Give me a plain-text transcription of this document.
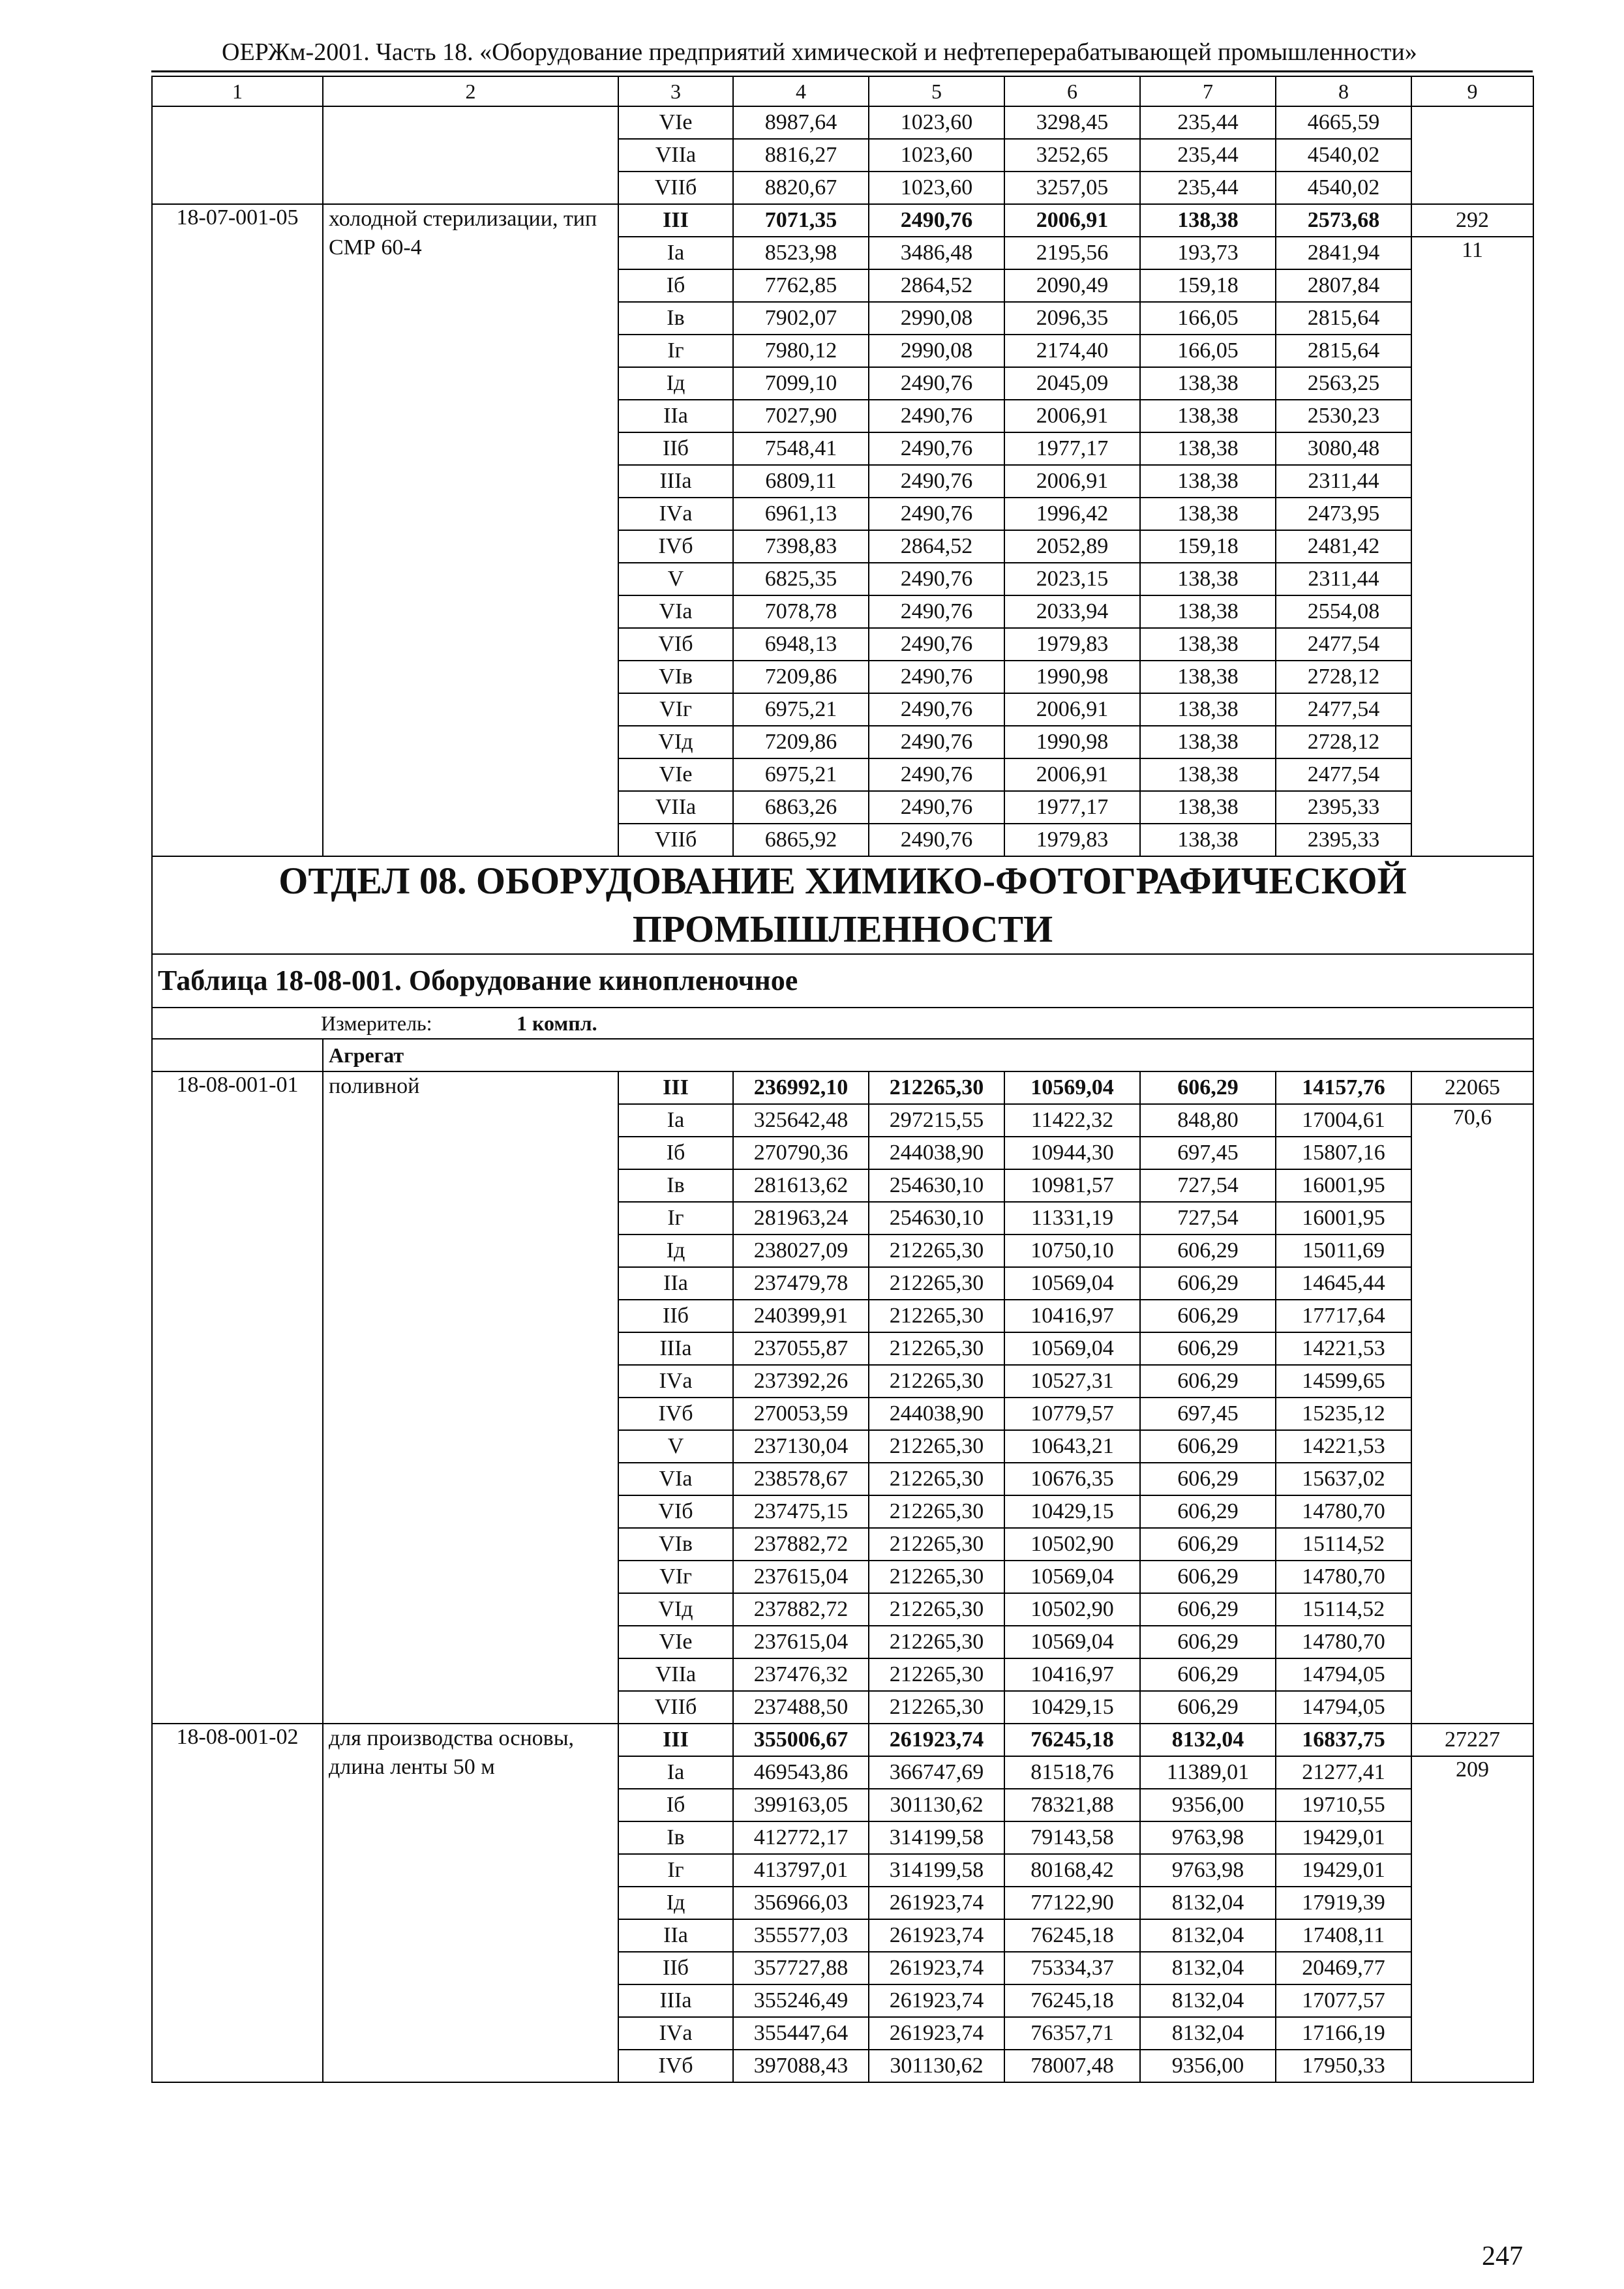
ОЕРЖм-2001. Часть 18. «Оборудование предприятий химической и нефтеперерабатывающей промышленности»
1	2	3	4	5	6	7	8	9
		VIе	8987,64	1023,60	3298,45	235,44	4665,59	
		VIIа	8816,27	1023,60	3252,65	235,44	4540,02	
		VIIб	8820,67	1023,60	3257,05	235,44	4540,02	
18-07-001-05	холодной стерилизации, тип СМР 60-4	III	7071,35	2490,76	2006,91	138,38	2573,68	292
		Iа	8523,98	3486,48	2195,56	193,73	2841,94	11
		Iб	7762,85	2864,52	2090,49	159,18	2807,84	
		Iв	7902,07	2990,08	2096,35	166,05	2815,64	
		Iг	7980,12	2990,08	2174,40	166,05	2815,64	
		Iд	7099,10	2490,76	2045,09	138,38	2563,25	
		IIа	7027,90	2490,76	2006,91	138,38	2530,23	
		IIб	7548,41	2490,76	1977,17	138,38	3080,48	
		IIIа	6809,11	2490,76	2006,91	138,38	2311,44	
		IVа	6961,13	2490,76	1996,42	138,38	2473,95	
		IVб	7398,83	2864,52	2052,89	159,18	2481,42	
		V	6825,35	2490,76	2023,15	138,38	2311,44	
		VIа	7078,78	2490,76	2033,94	138,38	2554,08	
		VIб	6948,13	2490,76	1979,83	138,38	2477,54	
		VIв	7209,86	2490,76	1990,98	138,38	2728,12	
		VIг	6975,21	2490,76	2006,91	138,38	2477,54	
		VIд	7209,86	2490,76	1990,98	138,38	2728,12	
		VIе	6975,21	2490,76	2006,91	138,38	2477,54	
		VIIа	6863,26	2490,76	1977,17	138,38	2395,33	
		VIIб	6865,92	2490,76	1979,83	138,38	2395,33	
ОТДЕЛ 08. ОБОРУДОВАНИЕ ХИМИКО-ФОТОГРАФИЧЕСКОЙ ПРОМЫШЛЕННОСТИ								
Таблица 18-08-001. Оборудование кинопленочное								
Измеритель: 1 компл.								
	Агрегат							
18-08-001-01	поливной	III	236992,10	212265,30	10569,04	606,29	14157,76	22065
		Iа	325642,48	297215,55	11422,32	848,80	17004,61	70,6
		Iб	270790,36	244038,90	10944,30	697,45	15807,16	
		Iв	281613,62	254630,10	10981,57	727,54	16001,95	
		Iг	281963,24	254630,10	11331,19	727,54	16001,95	
		Iд	238027,09	212265,30	10750,10	606,29	15011,69	
		IIа	237479,78	212265,30	10569,04	606,29	14645,44	
		IIб	240399,91	212265,30	10416,97	606,29	17717,64	
		IIIа	237055,87	212265,30	10569,04	606,29	14221,53	
		IVа	237392,26	212265,30	10527,31	606,29	14599,65	
		IVб	270053,59	244038,90	10779,57	697,45	15235,12	
		V	237130,04	212265,30	10643,21	606,29	14221,53	
		VIа	238578,67	212265,30	10676,35	606,29	15637,02	
		VIб	237475,15	212265,30	10429,15	606,29	14780,70	
		VIв	237882,72	212265,30	10502,90	606,29	15114,52	
		VIг	237615,04	212265,30	10569,04	606,29	14780,70	
		VIд	237882,72	212265,30	10502,90	606,29	15114,52	
		VIе	237615,04	212265,30	10569,04	606,29	14780,70	
		VIIа	237476,32	212265,30	10416,97	606,29	14794,05	
		VIIб	237488,50	212265,30	10429,15	606,29	14794,05	
18-08-001-02	для производства основы, длина ленты 50 м	III	355006,67	261923,74	76245,18	8132,04	16837,75	27227
		Iа	469543,86	366747,69	81518,76	11389,01	21277,41	209
		Iб	399163,05	301130,62	78321,88	9356,00	19710,55	
		Iв	412772,17	314199,58	79143,58	9763,98	19429,01	
		Iг	413797,01	314199,58	80168,42	9763,98	19429,01	
		Iд	356966,03	261923,74	77122,90	8132,04	17919,39	
		IIа	355577,03	261923,74	76245,18	8132,04	17408,11	
		IIб	357727,88	261923,74	75334,37	8132,04	20469,77	
		IIIа	355246,49	261923,74	76245,18	8132,04	17077,57	
		IVа	355447,64	261923,74	76357,71	8132,04	17166,19	
		IVб	397088,43	301130,62	78007,48	9356,00	17950,33	
247
